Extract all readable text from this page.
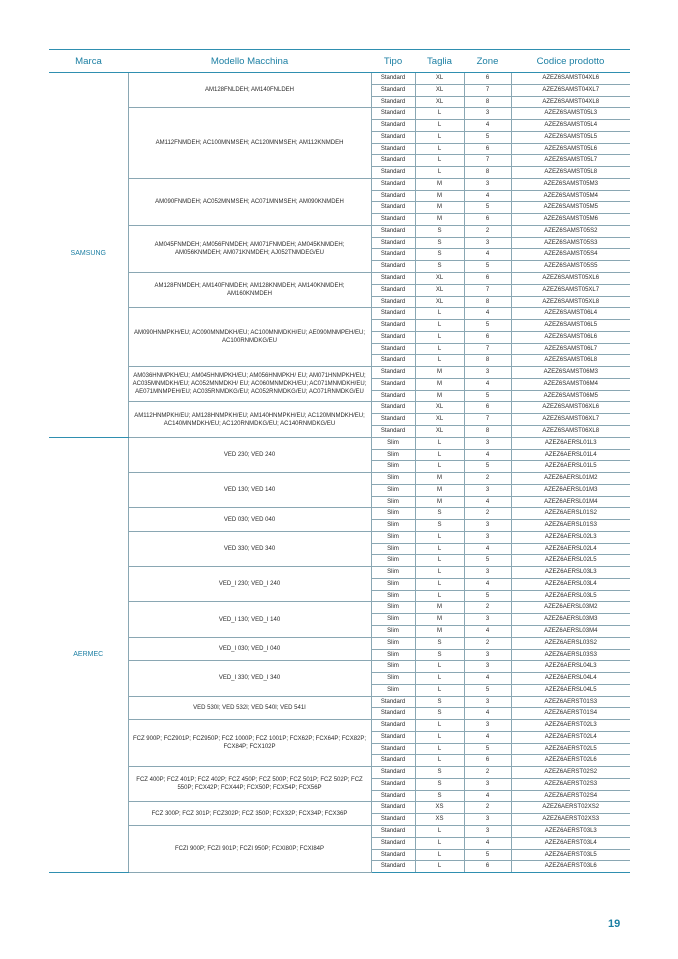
Marca	Modello Macchina	Tipo	Taglia	Zone	Codice prodotto
SAMSUNG	AM128FNLDEH; AM140FNLDEH	Standard	XL	6	AZEZ6SAMST04XL6
		Standard	XL	7	AZEZ6SAMST04XL7
		Standard	XL	8	AZEZ6SAMST04XL8
	AM112FNMDEH; AC100MNMSEH; AC120MNMSEH; AM112KNMDEH	Standard	L	3	AZEZ6SAMST05L3
		Standard	L	4	AZEZ6SAMST05L4
		Standard	L	5	AZEZ6SAMST05L5
		Standard	L	6	AZEZ6SAMST05L6
		Standard	L	7	AZEZ6SAMST05L7
		Standard	L	8	AZEZ6SAMST05L8
	AM090FNMDEH; AC052MNMSEH; AC071MNMSEH; AM090KNMDEH	Standard	M	3	AZEZ6SAMST05M3
		Standard	M	4	AZEZ6SAMST05M4
		Standard	M	5	AZEZ6SAMST05M5
		Standard	M	6	AZEZ6SAMST05M6
	AM045FNMDEH; AM056FNMDEH; AM071FNMDEH; AM045KNMDEH; AM056KNMDEH; AM071KNMDEH; AJ052TNMDEG/EU	Standard	S	2	AZEZ6SAMST05S2
		Standard	S	3	AZEZ6SAMST05S3
		Standard	S	4	AZEZ6SAMST05S4
		Standard	S	5	AZEZ6SAMST05S5
	AM128FNMDEH; AM140FNMDEH; AM128KNMDEH; AM140KNMDEH; AM160KNMDEH	Standard	XL	6	AZEZ6SAMST05XL6
		Standard	XL	7	AZEZ6SAMST05XL7
		Standard	XL	8	AZEZ6SAMST05XL8
	AM090HNMPKH/EU; AC090MNMDKH/EU; AC100MNMDKH/EU; AE090MNMPEH/EU; AC100RNMDKG/EU	Standard	L	4	AZEZ6SAMST06L4
		Standard	L	5	AZEZ6SAMST06L5
		Standard	L	6	AZEZ6SAMST06L6
		Standard	L	7	AZEZ6SAMST06L7
		Standard	L	8	AZEZ6SAMST06L8
	AM036HNMPKH/EU; AM045HNMPKH/EU; AM056HNMPKH/ EU; AM071HNMPKH/EU; AC035MNMDKH/EU; AC052MNMDKH/ EU; AC060MNMDKH/EU; AC071MNMDKH/EU; AE071MNMPEH/EU; AC035RNMDKG/EU; AC052RNMDKG/EU; AC071RNMDKG/EU	Standard	M	3	AZEZ6SAMST06M3
		Standard	M	4	AZEZ6SAMST06M4
		Standard	M	5	AZEZ6SAMST06M5
	AM112HNMPKH/EU; AM128HNMPKH/EU; AM140HNMPKH/EU; AC120MNMDKH/EU; AC140MNMDKH/EU; AC120RNMDKG/EU; AC140RNMDKG/EU	Standard	XL	6	AZEZ6SAMST06XL6
		Standard	XL	7	AZEZ6SAMST06XL7
		Standard	XL	8	AZEZ6SAMST06XL8
AERMEC	VED 230; VED 240	Slim	L	3	AZEZ6AERSL01L3
		Slim	L	4	AZEZ6AERSL01L4
		Slim	L	5	AZEZ6AERSL01L5
	VED 130; VED 140	Slim	M	2	AZEZ6AERSL01M2
		Slim	M	3	AZEZ6AERSL01M3
		Slim	M	4	AZEZ6AERSL01M4
	VED 030; VED 040	Slim	S	2	AZEZ6AERSL01S2
		Slim	S	3	AZEZ6AERSL01S3
	VED 330; VED 340	Slim	L	3	AZEZ6AERSL02L3
		Slim	L	4	AZEZ6AERSL02L4
		Slim	L	5	AZEZ6AERSL02L5
	VED_I 230; VED_I 240	Slim	L	3	AZEZ6AERSL03L3
		Slim	L	4	AZEZ6AERSL03L4
		Slim	L	5	AZEZ6AERSL03L5
	VED_I 130; VED_I 140	Slim	M	2	AZEZ6AERSL03M2
		Slim	M	3	AZEZ6AERSL03M3
		Slim	M	4	AZEZ6AERSL03M4
	VED_I 030; VED_I 040	Slim	S	2	AZEZ6AERSL03S2
		Slim	S	3	AZEZ6AERSL03S3
	VED_I 330; VED_I 340	Slim	L	3	AZEZ6AERSL04L3
		Slim	L	4	AZEZ6AERSL04L4
		Slim	L	5	AZEZ6AERSL04L5
	VED 530I; VED 532I; VED 540I; VED 541I	Standard	S	3	AZEZ6AERST01S3
		Standard	S	4	AZEZ6AERST01S4
	FCZ 900P; FCZ901P; FCZ950P; FCZ 1000P; FCZ 1001P; FCX62P; FCX64P; FCX82P; FCX84P; FCX102P	Standard	L	3	AZEZ6AERST02L3
		Standard	L	4	AZEZ6AERST02L4
		Standard	L	5	AZEZ6AERST02L5
		Standard	L	6	AZEZ6AERST02L6
	FCZ 400P; FCZ 401P; FCZ 402P; FCZ 450P; FCZ 500P; FCZ 501P; FCZ 502P; FCZ 550P; FCX42P; FCX44P; FCX50P; FCX54P; FCX56P	Standard	S	2	AZEZ6AERST02S2
		Standard	S	3	AZEZ6AERST02S3
		Standard	S	4	AZEZ6AERST02S4
	FCZ 300P; FCZ 301P; FCZ302P; FCZ 350P; FCX32P; FCX34P; FCX36P	Standard	XS	2	AZEZ6AERST02XS2
		Standard	XS	3	AZEZ6AERST02XS3
	FCZI 900P; FCZI 901P; FCZI 950P; FCXI80P; FCXI84P	Standard	L	3	AZEZ6AERST03L3
		Standard	L	4	AZEZ6AERST03L4
		Standard	L	5	AZEZ6AERST03L5
		Standard	L	6	AZEZ6AERST03L6
19
